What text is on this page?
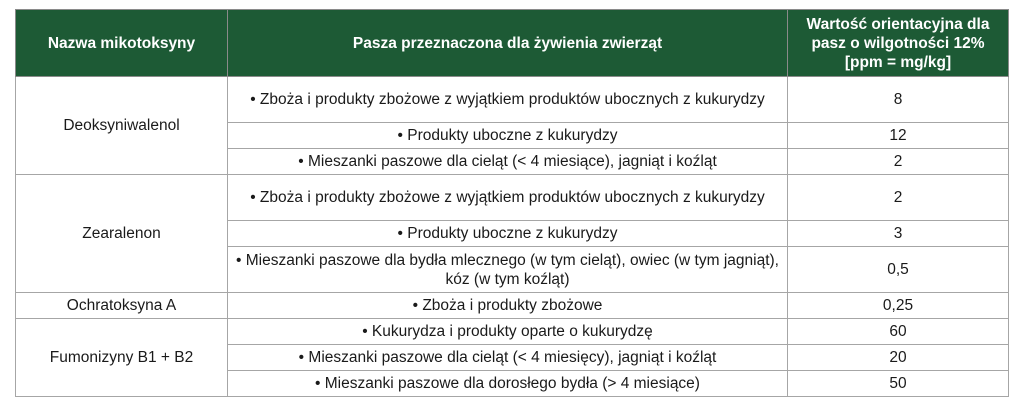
Nazwa mikotoksyny	Pasza przeznaczona dla żywienia zwierząt	Wartość orientacyjna dla pasz o wilgotności 12% [ppm = mg/kg]
Deoksyniwalenol	• Zboża i produkty zbożowe z wyjątkiem produktów ubocznych z kukurydzy	8
	• Produkty uboczne z kukurydzy	12
	• Mieszanki paszowe dla cieląt (< 4 miesiące), jagniąt i koźląt	2
Zearalenon	• Zboża i produkty zbożowe z wyjątkiem produktów ubocznych z kukurydzy	2
	• Produkty uboczne z kukurydzy	3
	• Mieszanki paszowe dla bydła mlecznego (w tym cieląt), owiec (w tym jagniąt), kóz (w tym koźląt)	0,5
Ochratoksyna A	• Zboża i produkty zbożowe	0,25
Fumonizyny B1 + B2	• Kukurydza i produkty oparte o kukurydzę	60
	• Mieszanki paszowe dla cieląt (< 4 miesięcy), jagniąt i koźląt	20
	• Mieszanki paszowe dla dorosłego bydła (> 4 miesiące)	50
